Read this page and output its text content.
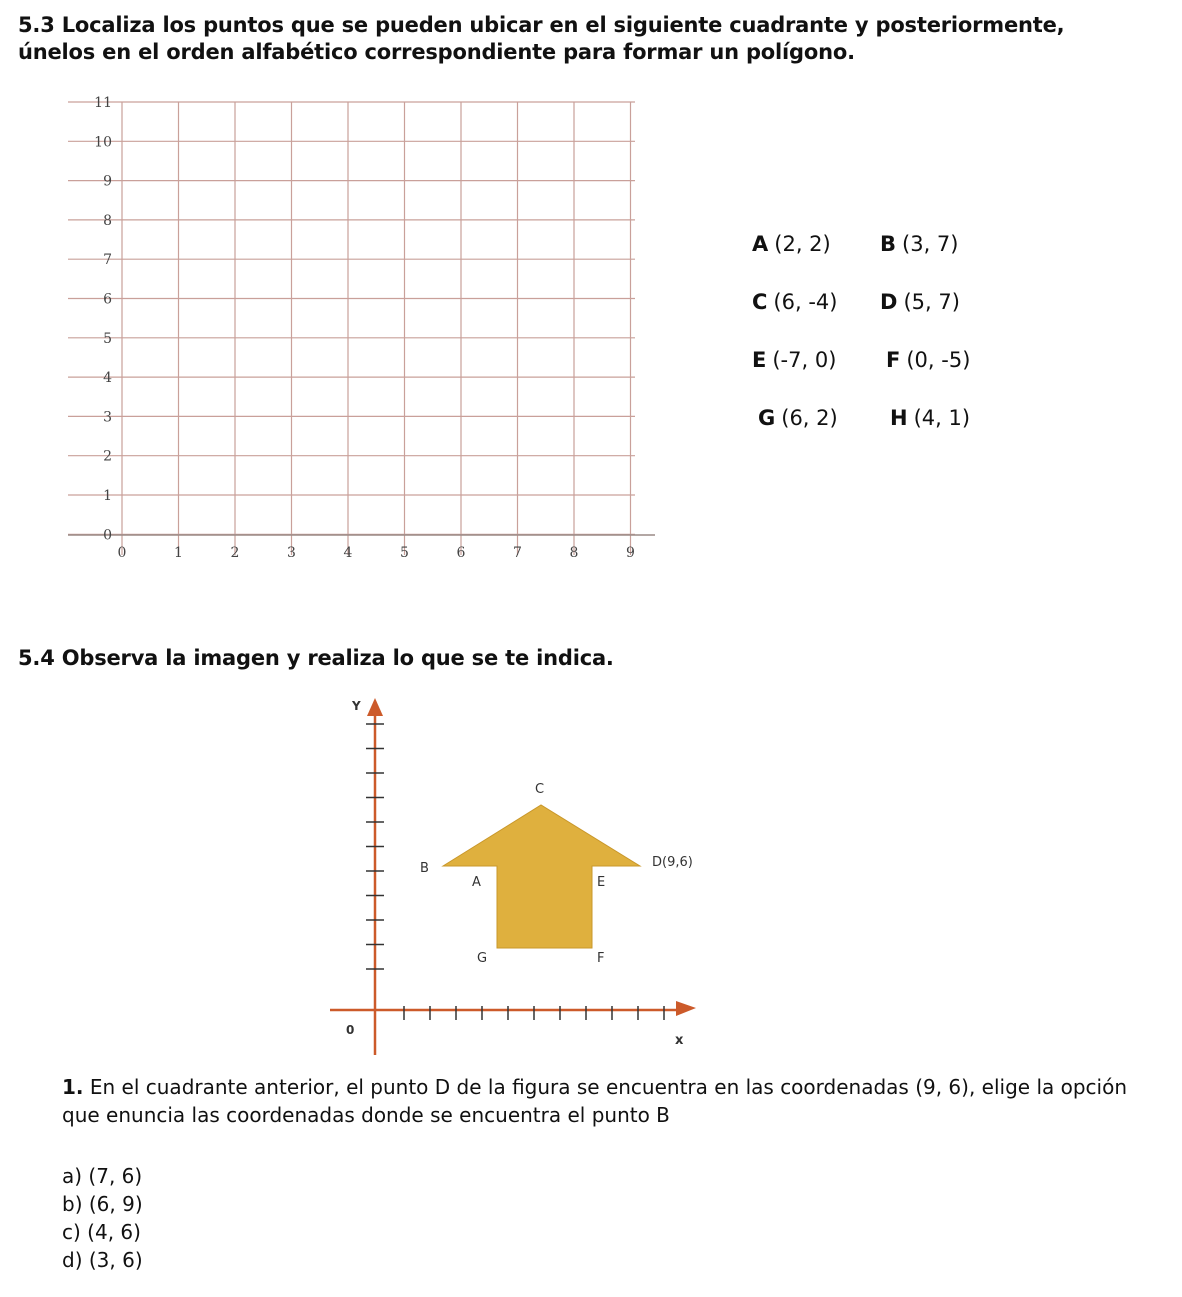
5.3 Localiza los puntos que se pueden ubicar en el siguiente cuadrante y posteriormente, únelos en el orden alfabético correspondiente para formar un polígono.
11
10
9
8
7
6
5
4
3
2
1
0
0	1	2	3	4	5	6	7	8	9
Y
x
0
C
B
A	E
D(9,6)
G	F
A (2, 2) B (3, 7)
C (6, -4) D (5, 7)
E (-7, 0) F (0, -5)
G (6, 2) H (4, 1)
5.4 Observa la imagen y realiza lo que se te indica.
1. En el cuadrante anterior, el punto D de la figura se encuentra en las coordenadas (9, 6), elige la opción que enuncia las coordenadas donde se encuentra el punto B
a) (7, 6)
b) (6, 9)
c) (4, 6)
d) (3, 6)
